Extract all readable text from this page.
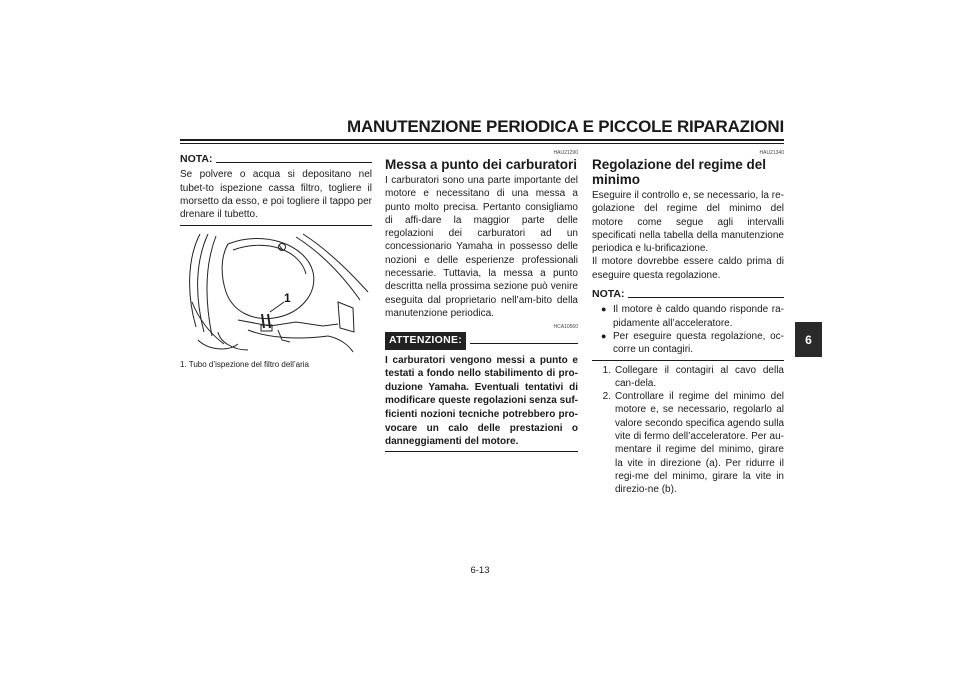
MANUTENZIONE PERIODICA E PICCOLE RIPARAZIONI
6
NOTA:
Se polvere o acqua si depositano nel tubet-to ispezione cassa filtro, togliere il morsetto da esso, e poi togliere il tappo per drenare il tubetto.
1
1. Tubo d’ispezione del filtro dell’aria
HAU21290
Messa a punto dei carburatori
I carburatori sono una parte importante del motore e necessitano di una messa a punto molto precisa. Pertanto consigliamo di affi-dare la maggior parte delle regolazioni dei carburatori ad un concessionario Yamaha in possesso delle nozioni e delle esperienze professionali necessarie. Tuttavia, la messa a punto descritta nella prossima sezione può venire eseguita dal proprietario nell’am-bito della manutenzione periodica.
HCA10560
ATTENZIONE:
I carburatori vengono messi a punto e testati a fondo nello stabilimento di pro-duzione Yamaha. Eventuali tentativi di modificare queste regolazioni senza suf-ficienti nozioni tecniche potrebbero pro-vocare un calo delle prestazioni o danneggiamenti del motore.
HAU21340
Regolazione del regime del minimo
Eseguire il controllo e, se necessario, la re-golazione del regime del minimo del motore come segue agli intervalli specificati nella tabella della manutenzione periodica e lu-brificazione.
Il motore dovrebbe essere caldo prima di eseguire questa regolazione.
NOTA:
● Il motore è caldo quando risponde ra-pidamente all’acceleratore.
● Per eseguire questa regolazione, oc-corre un contagiri.
1. Collegare il contagiri al cavo della can-dela.
2. Controllare il regime del minimo del motore e, se necessario, regolarlo al valore secondo specifica agendo sulla vite di fermo dell’acceleratore. Per au-mentare il regime del minimo, girare la vite in direzione (a). Per ridurre il regi-me del minimo, girare la vite in direzio-ne (b).
6-13
